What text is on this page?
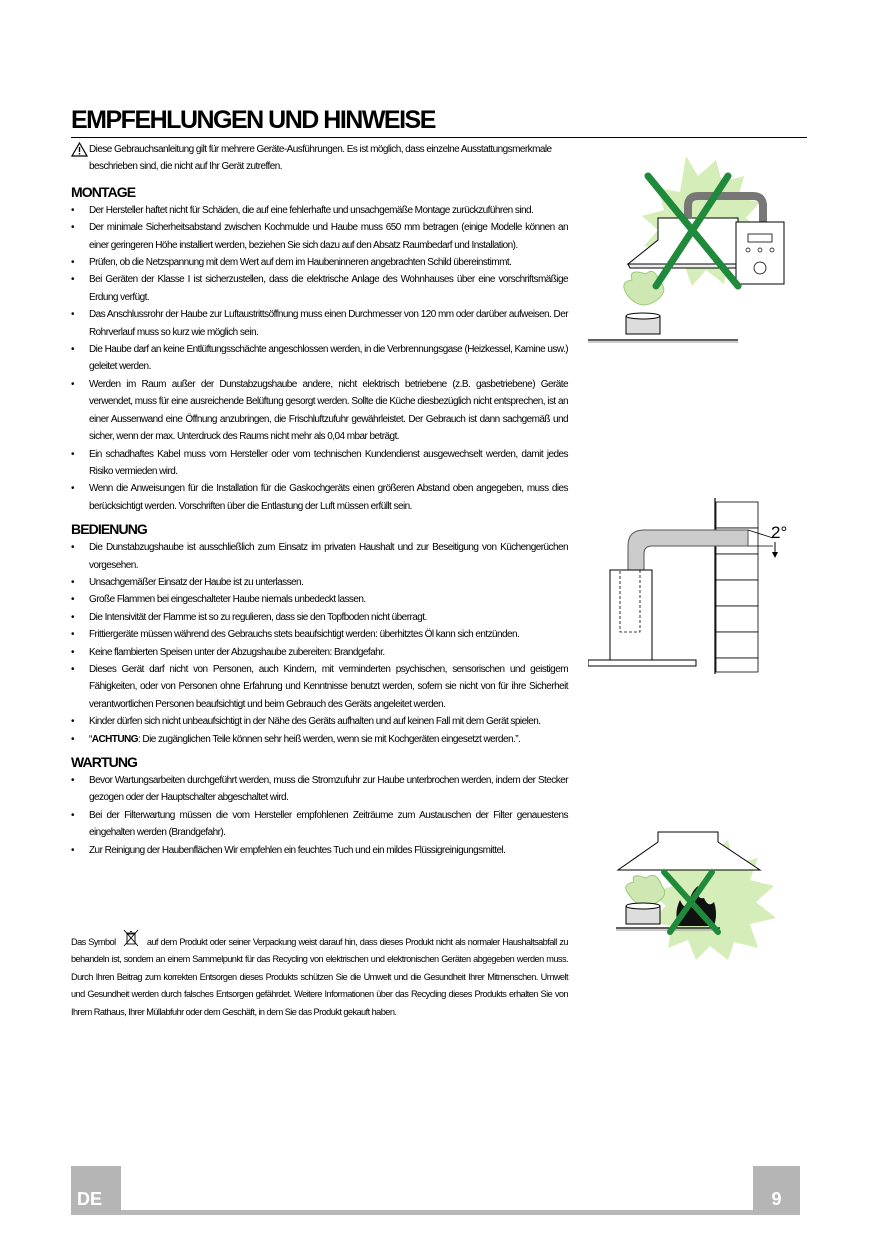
EMPFEHLUNGEN UND HINWEISE

Diese Gebrauchsanleitung gilt für mehrere Geräte-Ausführungen. Es ist möglich, dass einzelne Ausstattungsmerkmale beschrieben sind, die nicht auf Ihr Gerät zutreffen.

MONTAGE
• Der Hersteller haftet nicht für Schäden, die auf eine fehlerhafte und unsachgemäße Montage zurückzuführen sind.
• Der minimale Sicherheitsabstand zwischen Kochmulde und Haube muss 650 mm betragen (einige Modelle können an einer geringeren Höhe installiert werden, beziehen Sie sich dazu auf den Absatz Raumbedarf und Installation).
• Prüfen, ob die Netzspannung mit dem Wert auf dem im Haubeninneren angebrachten Schild übereinstimmt.
• Bei Geräten der Klasse I ist sicherzustellen, dass die elektrische Anlage des Wohnhauses über eine vorschriftsmäßige Erdung verfügt.
• Das Anschlussrohr der Haube zur Luftaustrittsöffnung muss einen Durchmesser von 120 mm oder darüber aufweisen. Der Rohrverlauf muss so kurz wie möglich sein.
• Die Haube darf an keine Entlüftungsschächte angeschlossen werden, in die Verbrennungsgase (Heizkessel, Kamine usw.) geleitet werden.
• Werden im Raum außer der Dunstabzugshaube andere, nicht elektrisch betriebene (z.B. gasbetriebene) Geräte verwendet, muss für eine ausreichende Belüftung gesorgt werden. Sollte die Küche diesbezüglich nicht entsprechen, ist an einer Aussenwand eine Öffnung anzubringen, die Frischluftzufuhr gewährleistet. Der Gebrauch ist dann sachgemäß und sicher, wenn der max. Unterdruck des Raums nicht mehr als 0,04 mbar beträgt.
• Ein schadhaftes Kabel muss vom Hersteller oder vom technischen Kundendienst ausgewechselt werden, damit jedes Risiko vermieden wird.
• Wenn die Anweisungen für die Installation für die Gaskochgeräts einen größeren Abstand oben angegeben, muss dies berücksichtigt werden. Vorschriften über die Entlastung der Luft müssen erfüllt sein.
BEDIENUNG
• Die Dunstabzugshaube ist ausschließlich zum Einsatz im privaten Haushalt und zur Beseitigung von Küchengerüchen vorgesehen.
• Unsachgemäßer Einsatz der Haube ist zu unterlassen.
• Große Flammen bei eingeschalteter Haube niemals unbedeckt lassen.
• Die Intensivität der Flamme ist so zu regulieren, dass sie den Topfboden nicht überragt.
• Frittiergeräte müssen während des Gebrauchs stets beaufsichtigt werden: überhitztes Öl kann sich entzünden.
• Keine flambierten Speisen unter der Abzugshaube zubereiten: Brandgefahr.
• Dieses Gerät darf nicht von Personen, auch Kindern, mit verminderten psychischen, sensorischen und geistigem Fähigkeiten, oder von Personen ohne Erfahrung und Kenntnisse benutzt werden, sofern sie nicht von für ihre Sicherheit verantwortlichen Personen beaufsichtigt und beim Gebrauch des Geräts angeleitet werden.
• Kinder dürfen sich nicht unbeaufsichtigt in der Nähe des Geräts aufhalten und auf keinen Fall mit dem Gerät spielen.
• “ACHTUNG: Die zugänglichen Teile können sehr heiß werden, wenn sie mit Kochgeräten eingesetzt werden.”.
WARTUNG
• Bevor Wartungsarbeiten durchgeführt werden, muss die Stromzufuhr zur Haube unterbrochen werden, indem der Stecker gezogen oder der Hauptschalter abgeschaltet wird.
• Bei der Filterwartung müssen die vom Hersteller empfohlenen Zeiträume zum Austauschen der Filter genauestens eingehalten werden (Brandgefahr).
• Zur Reinigung der Haubenflächen Wir empfehlen ein feuchtes Tuch und ein mildes Flüssigreinigungsmittel.

Das Symbol	auf dem Produkt oder seiner Verpackung weist darauf hin, dass dieses Produkt nicht als normaler Haushaltsabfall zu behandeln ist, sondern an einem Sammelpunkt für das Recycling von elektrischen und elektronischen Geräten abgegeben werden muss. Durch Ihren Beitrag zum korrekten Entsorgen dieses Produkts schützen Sie die Umwelt und die Gesundheit Ihrer Mitmenschen. Umwelt und Gesundheit werden durch falsches Entsorgen gefährdet. Weitere Informationen über das Recycling dieses Produkts erhalten Sie von Ihrem Rathaus, Ihrer Müllabfuhr oder dem Geschäft, in dem Sie das Produkt gekauft haben.

2°
DE	9
